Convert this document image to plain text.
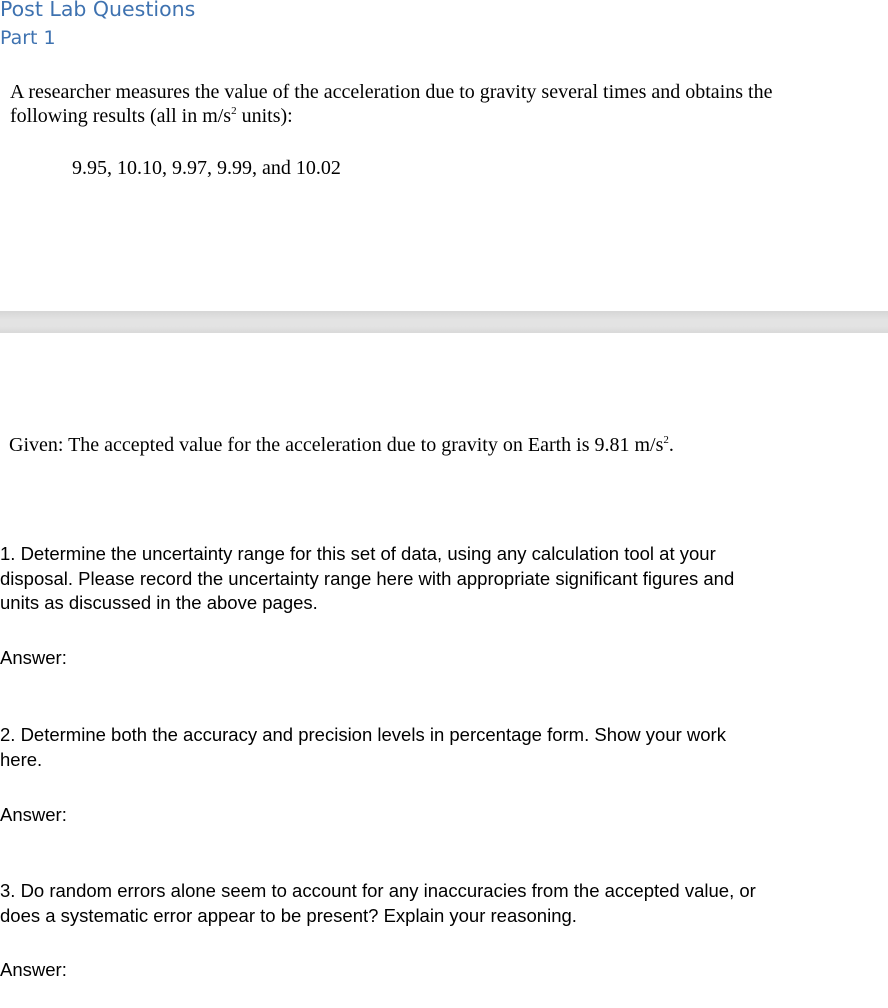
Post Lab Questions
Part 1
A researcher measures the value of the acceleration due to gravity several times and obtains the
following results (all in $m/s^2$ units):
9.95, 10.10, 9.97, 9.99, and 10.02
Given: The accepted value for the acceleration due to gravity on Earth is 9.81 $m/s^2$.
1. Determine the uncertainty range for this set of data, using any calculation tool at your
disposal. Please record the uncertainty range here with appropriate significant figures and
units as discussed in the above pages.
Answer:
2. Determine both the accuracy and precision levels in percentage form. Show your work
here.
Answer:
3. Do random errors alone seem to account for any inaccuracies from the accepted value, or
does a systematic error appear to be present? Explain your reasoning.
Answer:
